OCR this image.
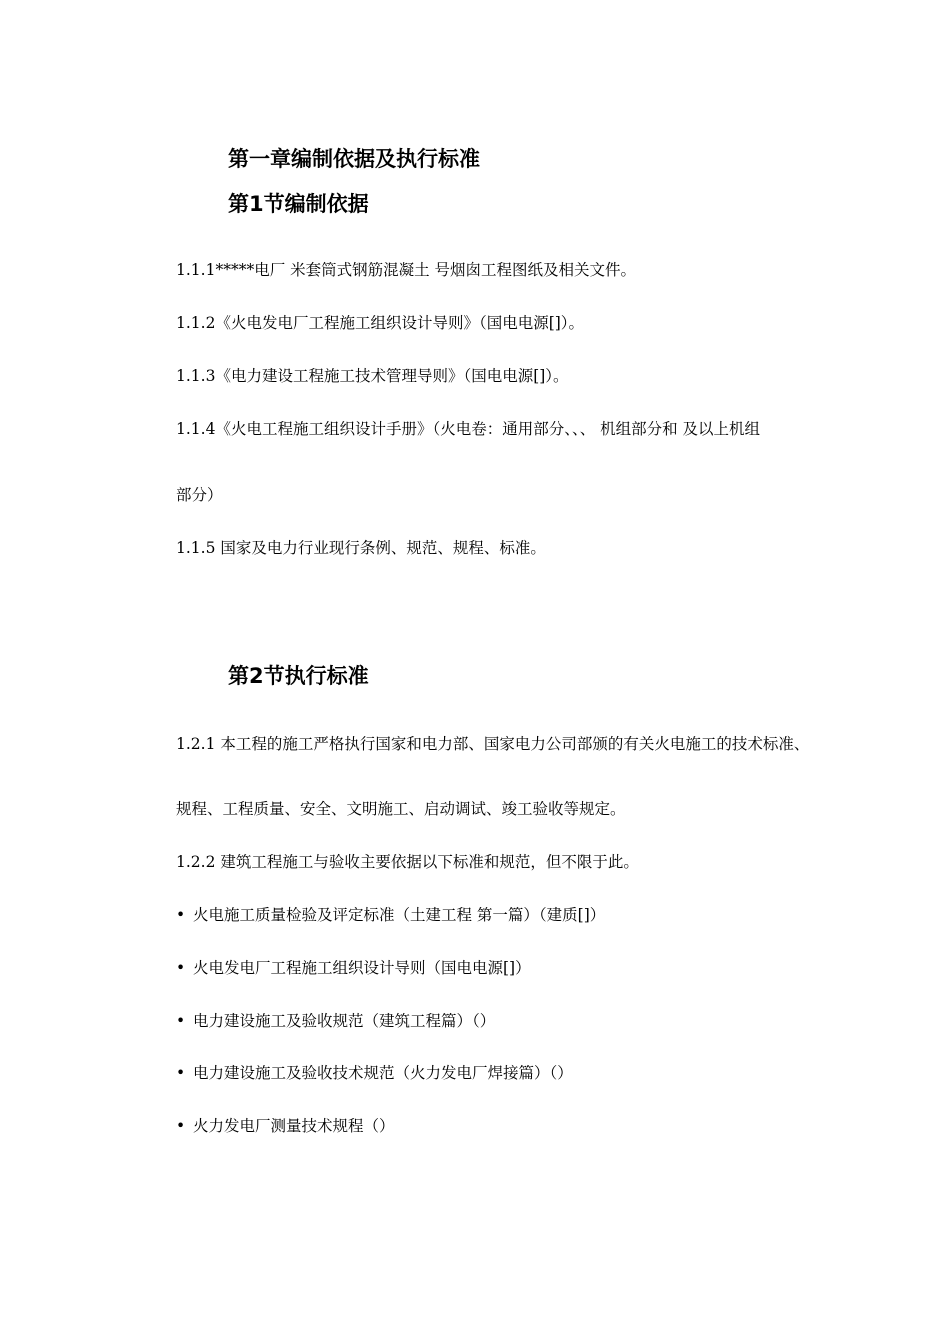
第一章编制依据及执行标准
第1节编制依据
1.1.1*****电厂 米套筒式钢筋混凝土 号烟囱工程图纸及相关文件。
1.1.2《火电发电厂工程施工组织设计导则》（国电电源[]）。
1.1.3《电力建设工程施工技术管理导则》（国电电源[]）。
1.1.4《火电工程施工组织设计手册》（火电卷：通用部分、、、 机组部分和 及以上机组
部分）
1.1.5 国家及电力行业现行条例、规范、规程、标准。
第2节执行标准
1.2.1 本工程的施工严格执行国家和电力部、国家电力公司部颁的有关火电施工的技术标准、
规程、工程质量、安全、文明施工、启动调试、竣工验收等规定。
1.2.2 建筑工程施工与验收主要依据以下标准和规范，但不限于此。
• 火电施工质量检验及评定标准（土建工程 第一篇）（建质[]）
• 火电发电厂工程施工组织设计导则（国电电源[]）
• 电力建设施工及验收规范（建筑工程篇）（）
• 电力建设施工及验收技术规范（火力发电厂焊接篇）（）
• 火力发电厂测量技术规程（）
